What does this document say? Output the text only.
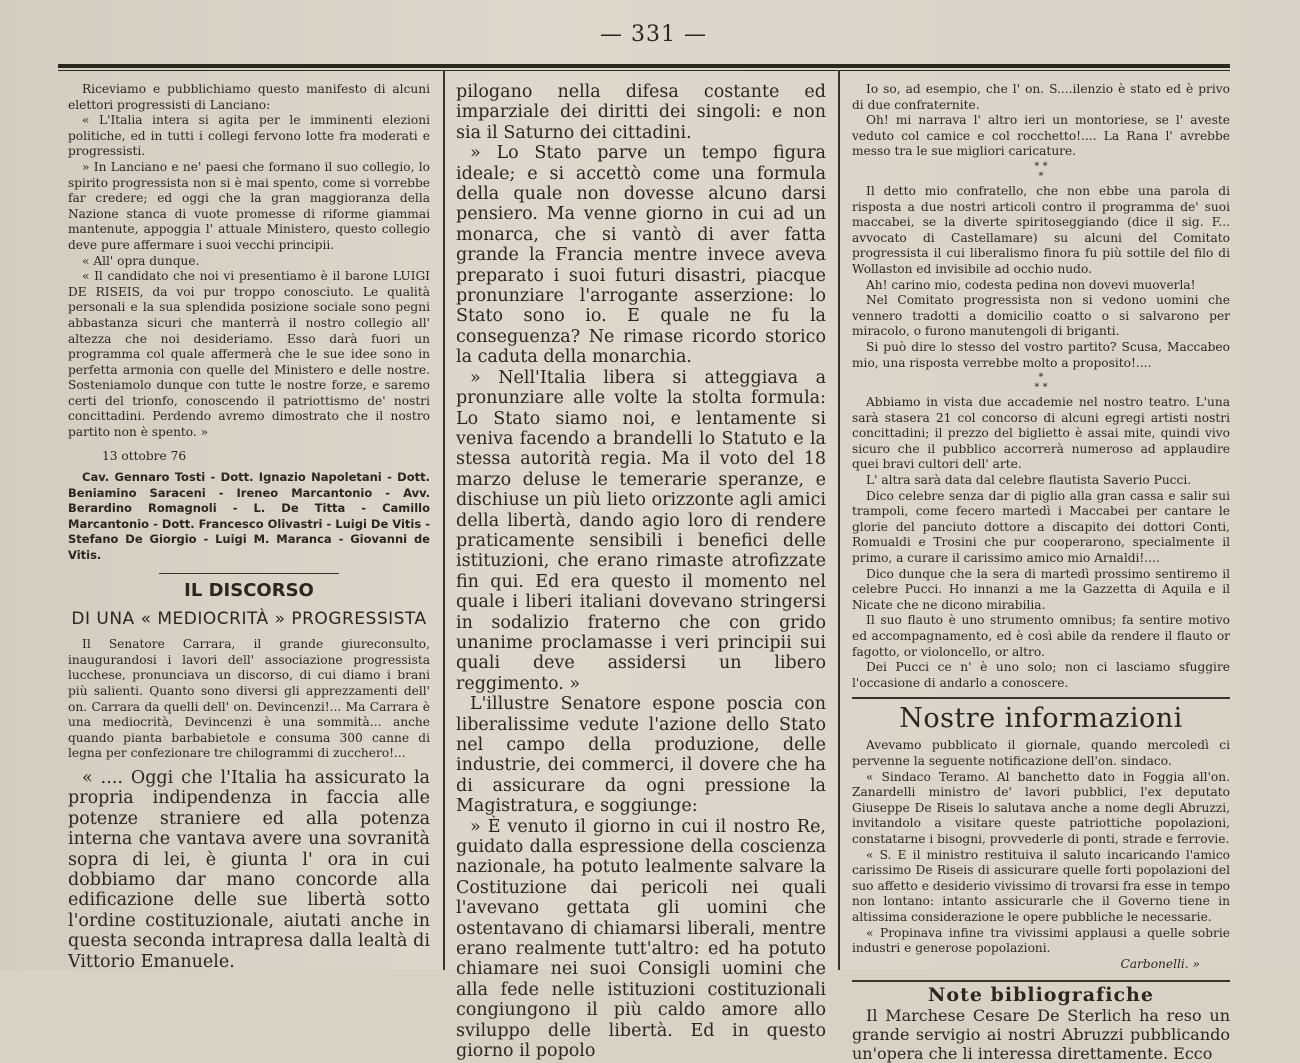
— 331 —

Riceviamo e pubblichiamo questo manifesto di alcuni elettori progressisti di Lanciano:

« L'Italia intera si agita per le imminenti elezioni politiche, ed in tutti i collegi fervono lotte fra moderati e progressisti.

» In Lanciano e ne' paesi che formano il suo collegio, lo spirito progressista non si è mai spento, come si vorrebbe far credere; ed oggi che la gran maggioranza della Nazione stanca di vuote promesse di riforme giammai mantenute, appoggia l' attuale Ministero, questo collegio deve pure affermare i suoi vecchi principii.

« All' opra dunque.

« Il candidato che noi vi presentiamo è il barone LUIGI DE RISEIS, da voi pur troppo conosciuto. Le qualità personali e la sua splendida posizione sociale sono pegni abbastanza sicuri che manterrà il nostro collegio all' altezza che noi desideriamo. Esso darà fuori un programma col quale affermerà che le sue idee sono in perfetta armonia con quelle del Ministero e delle nostre. Sosteniamolo dunque con tutte le nostre forze, e saremo certi del trionfo, conoscendo il patriottismo de' nostri concittadini. Perdendo avremo dimostrato che il nostro partito non è spento. »

13 ottobre 76

Cav. Gennaro Tosti - Dott. Ignazio Napoletani - Dott. Beniamino Saraceni - Ireneo Marcantonio - Avv. Berardino Romagnoli - L. De Titta - Camillo Marcantonio - Dott. Francesco Olivastri - Luigi De Vitis - Stefano De Giorgio - Luigi M. Maranca - Giovanni de Vitis.

IL DISCORSO
DI UNA « MEDIOCRITÀ » PROGRESSISTA

Il Senatore Carrara, il grande giureconsulto, inaugurandosi i lavori dell' associazione progressista lucchese, pronunciava un discorso, di cui diamo i brani più salienti. Quanto sono diversi gli apprezzamenti dell' on. Carrara da quelli dell' on. Devincenzi!... Ma Carrara è una mediocrità, Devincenzi è una sommità... anche quando pianta barbabietole e consuma 300 canne di legna per confezionare tre chilogrammi di zucchero!...

« .... Oggi che l'Italia ha assicurato la propria indipendenza in faccia alle potenze straniere ed alla potenza interna che vantava avere una sovranità sopra di lei, è giunta l' ora in cui dobbiamo dar mano concorde alla edificazione delle sue libertà sotto l'ordine costituzionale, aiutati anche in questa seconda intrapresa dalla lealtà di Vittorio Emanuele.

pilogano nella difesa costante ed imparziale dei diritti dei singoli: e non sia il Saturno dei cittadini.

» Lo Stato parve un tempo figura ideale; e si accettò come una formula della quale non dovesse alcuno darsi pensiero. Ma venne giorno in cui ad un monarca, che si vantò di aver fatta grande la Francia mentre invece aveva preparato i suoi futuri disastri, piacque pronunziare l'arrogante asserzione: lo Stato sono io. E quale ne fu la conseguenza? Ne rimase ricordo storico la caduta della monarchia.

» Nell'Italia libera si atteggiava a pronunziare alle volte la stolta formula: Lo Stato siamo noi, e lentamente si veniva facendo a brandelli lo Statuto e la stessa autorità regia. Ma il voto del 18 marzo deluse le temerarie speranze, e dischiuse un più lieto orizzonte agli amici della libertà, dando agio loro di rendere praticamente sensibili i benefici delle istituzioni, che erano rimaste atrofizzate fin qui. Ed era questo il momento nel quale i liberi italiani dovevano stringersi in sodalizio fraterno che con grido unanime proclamasse i veri principii sui quali deve assidersi un libero reggimento. »

L'illustre Senatore espone poscia con liberalissime vedute l'azione dello Stato nel campo della produzione, delle industrie, dei commerci, il dovere che ha di assicurare da ogni pressione la Magistratura, e soggiunge:

» È venuto il giorno in cui il nostro Re, guidato dalla espressione della coscienza nazionale, ha potuto lealmente salvare la Costituzione dai pericoli nei quali l'avevano gettata gli uomini che ostentavano di chiamarsi liberali, mentre erano realmente tutt'altro: ed ha potuto chiamare nei suoi Consigli uomini che alla fede nelle istituzioni costituzionali congiungono il più caldo amore allo sviluppo delle libertà. Ed in questo giorno il popolo

Io so, ad esempio, che l' on. S....ilenzio è stato ed è privo di due confraternite.

Oh! mi narrava l' altro ieri un montoriese, se l' aveste veduto col camice e col rocchetto!.... La Rana l' avrebbe messo tra le sue migliori caricature.

* *
*

Il detto mio confratello, che non ebbe una parola di risposta a due nostri articoli contro il programma de' suoi maccabei, se la diverte spiritoseggiando (dice il sig. F... avvocato di Castellamare) su alcuni del Comitato progressista il cui liberalismo finora fu più sottile del filo di Wollaston ed invisibile ad occhio nudo.

Ah! carino mio, codesta pedina non dovevi muoverla!

Nel Comitato progressista non si vedono uomini che vennero tradotti a domicilio coatto o si salvarono per miracolo, o furono manutengoli di briganti.

Si può dire lo stesso del vostro partito? Scusa, Maccabeo mio, una risposta verrebbe molto a proposito!....

*
* *

Abbiamo in vista due accademie nel nostro teatro. L'una sarà stasera 21 col concorso di alcuni egregi artisti nostri concittadini; il prezzo del biglietto è assai mite, quindi vivo sicuro che il pubblico accorrerà numeroso ad applaudire quei bravi cultori dell' arte.

L' altra sarà data dal celebre flautista Saverio Pucci.

Dico celebre senza dar di piglio alla gran cassa e salir sui trampoli, come fecero martedì i Maccabei per cantare le glorie del panciuto dottore a discapito dei dottori Conti, Romualdi e Trosini che pur cooperarono, specialmente il primo, a curare il carissimo amico mio Arnaldi!....

Dico dunque che la sera di martedì prossimo sentiremo il celebre Pucci. Ho innanzi a me la Gazzetta di Aquila e il Nicate che ne dicono mirabilia.

Il suo flauto è uno strumento omnibus; fa sentire motivo ed accompagnamento, ed è così abile da rendere il flauto or fagotto, or violoncello, or altro.

Dei Pucci ce n' è uno solo; non ci lasciamo sfuggire l'occasione di andarlo a conoscere.

Nostre informazioni

Avevamo pubblicato il giornale, quando mercoledì ci pervenne la seguente notificazione dell'on. sindaco.

« Sindaco Teramo. Al banchetto dato in Foggia all'on. Zanardelli ministro de' lavori pubblici, l'ex deputato Giuseppe De Riseis lo salutava anche a nome degli Abruzzi, invitandolo a visitare queste patriottiche popolazioni, constatarne i bisogni, provvederle di ponti, strade e ferrovie.

« S. E il ministro restituiva il saluto incaricando l'amico carissimo De Riseis di assicurare quelle forti popolazioni del suo affetto e desiderio vivissimo di trovarsi fra esse in tempo non lontano: intanto assicurarle che il Governo tiene in altissima considerazione le opere pubbliche le necessarie.

« Propinava infine tra vivissimi applausi a quelle sobrie industri e generose popolazioni.

Carbonelli. »

Note bibliografiche

Il Marchese Cesare De Sterlich ha reso un grande servigio ai nostri Abruzzi pubblicando un'opera che li interessa direttamente. Ecco
